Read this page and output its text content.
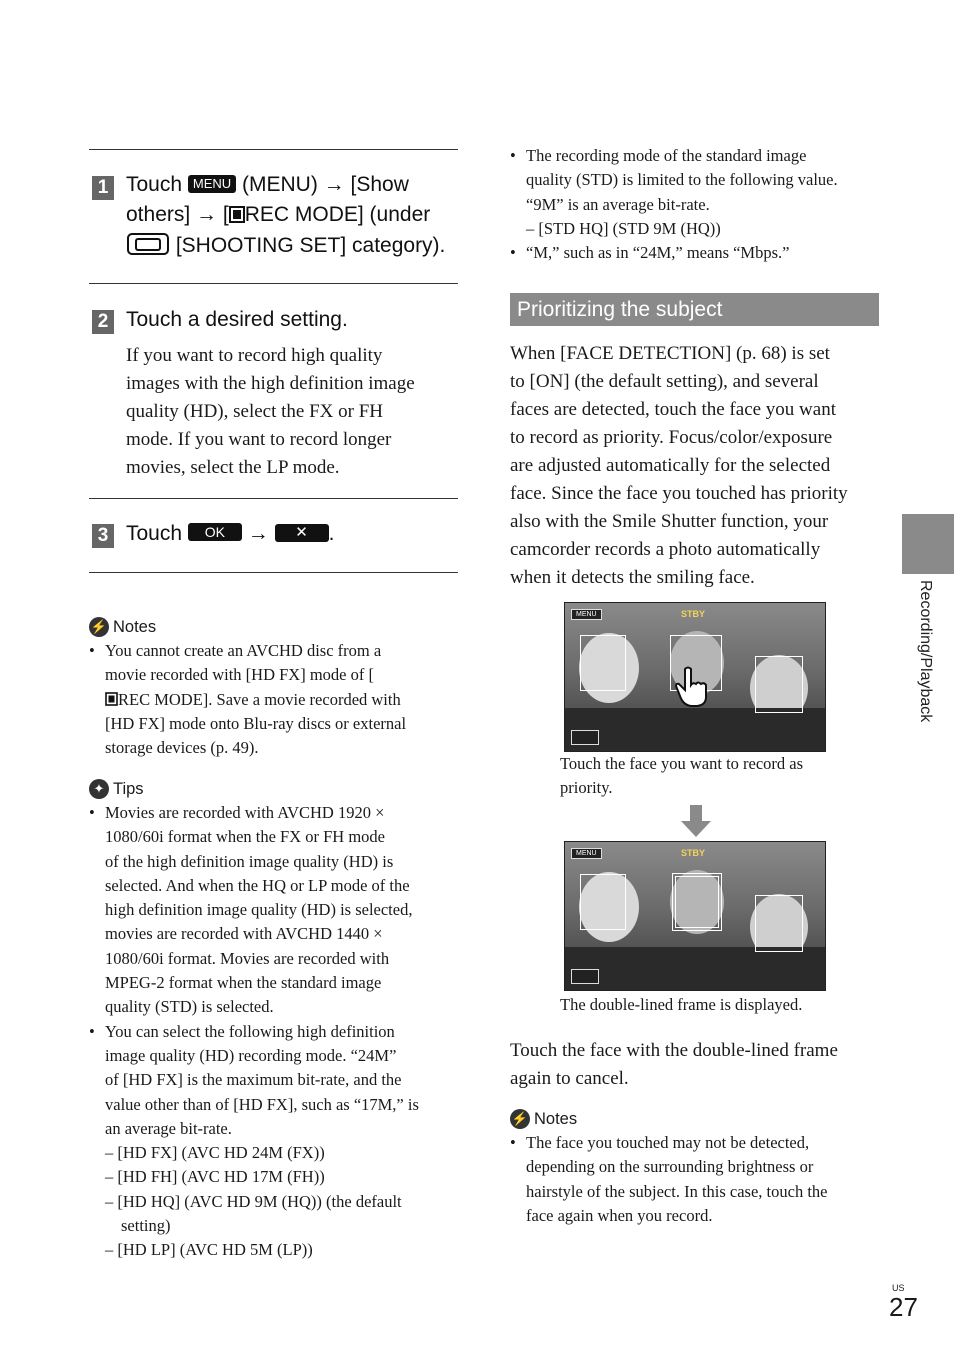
1 Touch MENU (MENU) → [Show
others] → [ REC MODE] (under
[SHOOTING SET] category).
2 Touch a desired setting.
If you want to record high quality
images with the high definition image
quality (HD), select the FX or FH
mode. If you want to record longer
movies, select the LP mode.
3 Touch OK → ✕ .
⚡ Notes
• You cannot create an AVCHD disc from a
movie recorded with [HD FX] mode of [
REC MODE]. Save a movie recorded with
[HD FX] mode onto Blu-ray discs or external
storage devices (p. 49).
✦ Tips
• Movies are recorded with AVCHD 1920 ×
1080/60i format when the FX or FH mode
of the high definition image quality (HD) is
selected. And when the HQ or LP mode of the
high definition image quality (HD) is selected,
movies are recorded with AVCHD 1440 ×
1080/60i format. Movies are recorded with
MPEG-2 format when the standard image
quality (STD) is selected.
• You can select the following high definition
image quality (HD) recording mode. “24M”
of [HD FX] is the maximum bit-rate, and the
value other than of [HD FX], such as “17M,” is
an average bit-rate.
– [HD FX] (AVC HD 24M (FX))
– [HD FH] (AVC HD 17M (FH))
– [HD HQ] (AVC HD 9M (HQ)) (the default setting)
– [HD LP] (AVC HD 5M (LP))
• The recording mode of the standard image
quality (STD) is limited to the following value.
“9M” is an average bit-rate.
– [STD HQ] (STD 9M (HQ))
• “M,” such as in “24M,” means “Mbps.”
Prioritizing the subject
When [FACE DETECTION] (p. 68) is set
to [ON] (the default setting), and several
faces are detected, touch the face you want
to record as priority. Focus/color/exposure
are adjusted automatically for the selected
face. Since the face you touched has priority
also with the Smile Shutter function, your
camcorder records a photo automatically
when it detects the smiling face.
MENU	STBY
Touch the face you want to record as
priority.
MENU	STBY
The double-lined frame is displayed.
Touch the face with the double-lined frame
again to cancel.
⚡ Notes
• The face you touched may not be detected,
depending on the surrounding brightness or
hairstyle of the subject. In this case, touch the
face again when you record.
Recording/Playback
US
27
